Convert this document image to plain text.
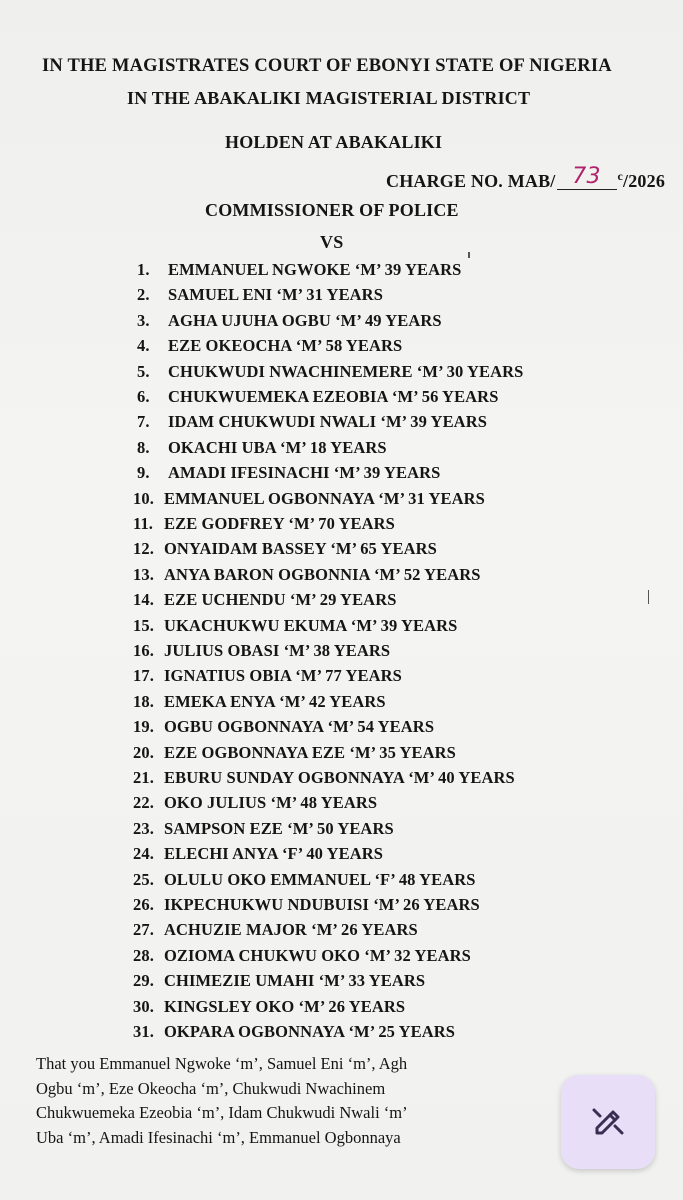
IN THE MAGISTRATES COURT OF EBONYI STATE OF NIGERIA
IN THE ABAKALIKI MAGISTERIAL DISTRICT
HOLDEN AT ABAKALIKI
CHARGE NO. MAB/ 73 $^c$/2026
COMMISSIONER OF POLICE
VS
1. EMMANUEL NGWOKE ‘M’ 39 YEARS
2. SAMUEL ENI ‘M’ 31 YEARS
3. AGHA UJUHA OGBU ‘M’ 49 YEARS
4. EZE OKEOCHA ‘M’ 58 YEARS
5. CHUKWUDI NWACHINEMERE ‘M’ 30 YEARS
6. CHUKWUEMEKA EZEOBIA ‘M’ 56 YEARS
7. IDAM CHUKWUDI NWALI ‘M’ 39 YEARS
8. OKACHI UBA ‘M’ 18 YEARS
9. AMADI IFESINACHI ‘M’ 39 YEARS
10. EMMANUEL OGBONNAYA ‘M’ 31 YEARS
11. EZE GODFREY ‘M’ 70 YEARS
12. ONYAIDAM BASSEY ‘M’ 65 YEARS
13. ANYA BARON OGBONNIA ‘M’ 52 YEARS
14. EZE UCHENDU ‘M’ 29 YEARS
15. UKACHUKWU EKUMA ‘M’ 39 YEARS
16. JULIUS OBASI ‘M’ 38 YEARS
17. IGNATIUS OBIA ‘M’ 77 YEARS
18. EMEKA ENYA ‘M’ 42 YEARS
19. OGBU OGBONNAYA ‘M’ 54 YEARS
20. EZE OGBONNAYA EZE ‘M’ 35 YEARS
21. EBURU SUNDAY OGBONNAYA ‘M’ 40 YEARS
22. OKO JULIUS ‘M’ 48 YEARS
23. SAMPSON EZE ‘M’ 50 YEARS
24. ELECHI ANYA ‘F’ 40 YEARS
25. OLULU OKO EMMANUEL ‘F’ 48 YEARS
26. IKPECHUKWU NDUBUISI ‘M’ 26 YEARS
27. ACHUZIE MAJOR ‘M’ 26 YEARS
28. OZIOMA CHUKWU OKO ‘M’ 32 YEARS
29. CHIMEZIE UMAHI ‘M’ 33 YEARS
30. KINGSLEY OKO ‘M’ 26 YEARS
31. OKPARA OGBONNAYA ‘M’ 25 YEARS
That you Emmanuel Ngwoke ‘m’, Samuel Eni ‘m’, Agh
Ogbu ‘m’, Eze Okeocha ‘m’, Chukwudi Nwachinem
Chukwuemeka Ezeobia ‘m’, Idam Chukwudi Nwali ‘m’
Uba ‘m’, Amadi Ifesinachi ‘m’, Emmanuel Ogbonnaya
